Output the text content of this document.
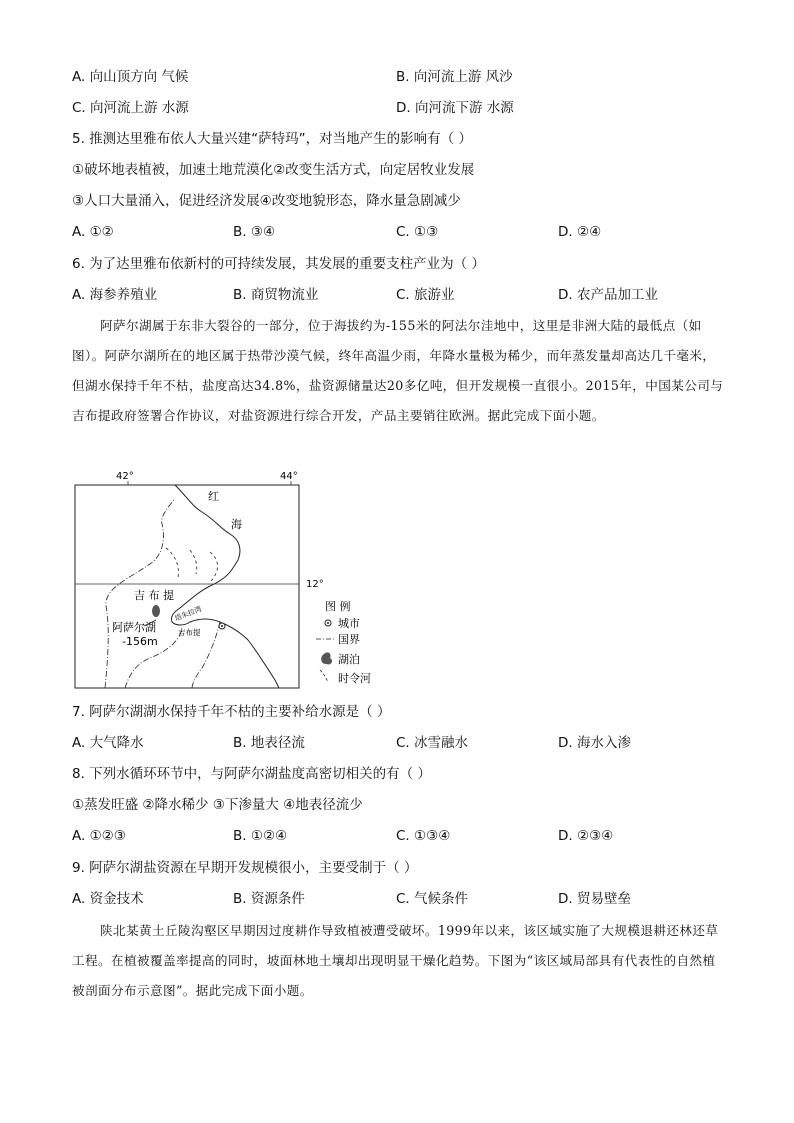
A. 向山顶方向 气候	B. 向河流上游 风沙
C. 向河流上游 水源	D. 向河流下游 水源
5. 推测达里雅布依人大量兴建“萨特玛”，对当地产生的影响有（ ）
①破坏地表植被，加速土地荒漠化②改变生活方式，向定居牧业发展
③人口大量涌入，促进经济发展④改变地貌形态，降水量急剧减少
A. ①②	B. ③④	C. ①③	D. ②④
6. 为了达里雅布依新村的可持续发展，其发展的重要支柱产业为（ ）
A. 海参养殖业	B. 商贸物流业	C. 旅游业	D. 农产品加工业
阿萨尔湖属于东非大裂谷的一部分，位于海拔约为-155米的阿法尔洼地中，这里是非洲大陆的最低点（如图）。阿萨尔湖所在的地区属于热带沙漠气候，终年高温少雨，年降水量极为稀少，而年蒸发量却高达几千毫米，但湖水保持千年不枯，盐度高达34.8%，盐资源储量达20多亿吨，但开发规模一直很小。2015年，中国某公司与吉布提政府签署合作协议，对盐资源进行综合开发，产品主要销往欧洲。据此完成下面小题。
42°	44°
12°
红
海
吉 布 提
阿萨尔湖
-156m
塔朱拉湾
吉布提
图 例
城市
国界
湖泊
时令河
7. 阿萨尔湖湖水保持千年不枯的主要补给水源是（ ）
A. 大气降水	B. 地表径流	C. 冰雪融水	D. 海水入渗
8. 下列水循环环节中，与阿萨尔湖盐度高密切相关的有（ ）
①蒸发旺盛 ②降水稀少 ③下渗量大 ④地表径流少
A. ①②③	B. ①②④	C. ①③④	D. ②③④
9. 阿萨尔湖盐资源在早期开发规模很小，主要受制于（ ）
A. 资金技术	B. 资源条件	C. 气候条件	D. 贸易壁垒
陕北某黄土丘陵沟壑区早期因过度耕作导致植被遭受破坏。1999年以来，该区域实施了大规模退耕还林还草工程。在植被覆盖率提高的同时，坡面林地土壤却出现明显干燥化趋势。下图为“该区域局部具有代表性的自然植被剖面分布示意图”。据此完成下面小题。
